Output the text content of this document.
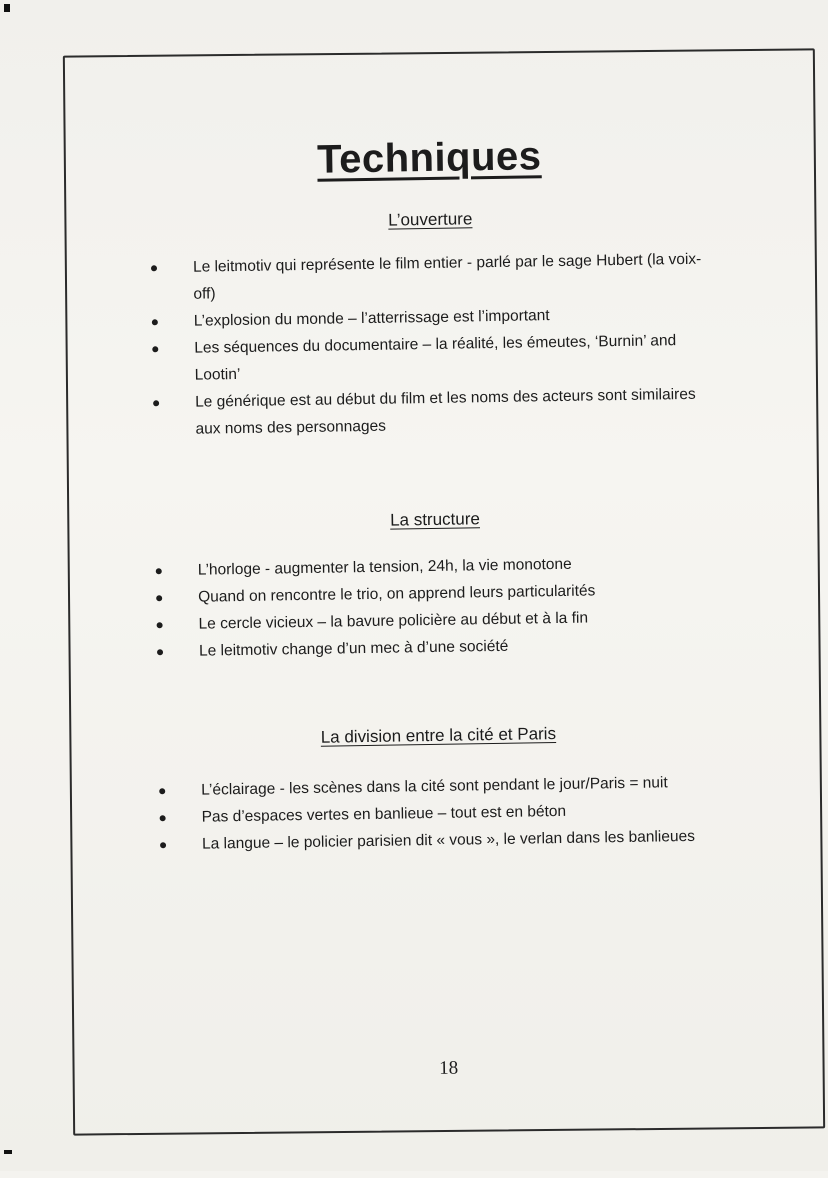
Techniques
L’ouverture
Le leitmotiv qui représente le film entier - parlé par le sage Hubert (la voix-off)
L’explosion du monde – l’atterrissage est l’important
Les séquences du documentaire – la réalité, les émeutes, ‘Burnin’ and Lootin’
Le générique est au début du film et les noms des acteurs sont similaires aux noms des personnages
La structure
L’horloge - augmenter la tension, 24h, la vie monotone
Quand on rencontre le trio, on apprend leurs particularités
Le cercle vicieux – la bavure policière au début et à la fin
Le leitmotiv change d’un mec à d’une société
La division entre la cité et Paris
L’éclairage - les scènes dans la cité sont pendant le jour/Paris = nuit
Pas d’espaces vertes en banlieue – tout est en béton
La langue – le policier parisien dit « vous », le verlan dans les banlieues
18
